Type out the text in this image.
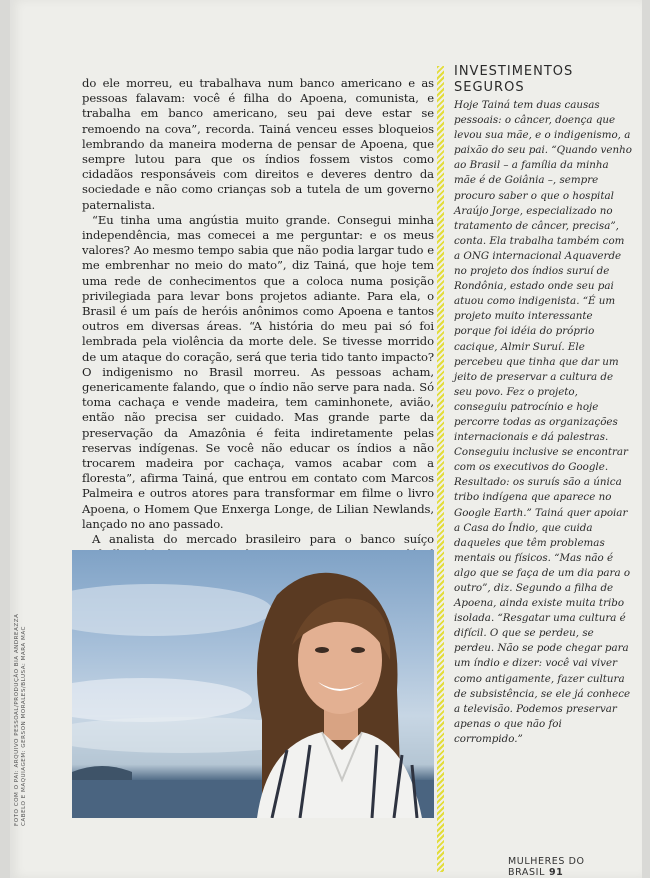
do ele morreu, eu trabalhava num banco americano e as pessoas falavam: você é filha do Apoena, comunista, e trabalha em banco americano, seu pai deve estar se remoendo na cova”, recorda. Tainá venceu esses bloqueios lembrando da maneira moderna de pensar de Apoena, que sempre lutou para que os índios fossem vistos como cidadãos responsáveis com direitos e deveres dentro da sociedade e não como crianças sob a tutela de um governo paternalista.

“Eu tinha uma angústia muito grande. Consegui minha independência, mas comecei a me perguntar: e os meus valores? Ao mesmo tempo sabia que não podia largar tudo e me embrenhar no meio do mato”, diz Tainá, que hoje tem uma rede de conhecimentos que a coloca numa posição privilegiada para levar bons projetos adiante. Para ela, o Brasil é um país de heróis anônimos como Apoena e tantos outros em diversas áreas. “A história do meu pai só foi lembrada pela violência da morte dele. Se tivesse morrido de um ataque do coração, será que teria tido tanto impacto? O indigenismo no Brasil morreu. As pessoas acham, genericamente falando, que o índio não serve para nada. Só toma cachaça e vende madeira, tem caminhonete, avião, então não precisa ser cuidado. Mas grande parte da preservação da Amazônia é feita indiretamente pelas reservas indígenas. Se você não educar os índios a não trocarem madeira por cachaça, vamos acabar com a floresta”, afirma Tainá, que entrou em contato com Marcos Palmeira e outros atores para transformar em filme o livro Apoena, o Homem Que Enxerga Longe, de Lilian Newlands, lançado no ano passado.

A analista do mercado brasileiro para o banco suíço

INVESTIMENTOS
SEGUROS
Hoje Tainá tem duas causas pessoais: o câncer, doença que levou sua mãe, e o indigenismo, a paixão do seu pai. “Quando venho ao Brasil – a família da minha mãe é de Goiânia –, sempre procuro saber o que o hospital Araújo Jorge, especializado no tratamento de câncer, precisa”, conta. Ela trabalha também com a ONG internacional Aquaverde no projeto dos índios suruí de Rondônia, estado onde seu pai atuou como indigenista. “É um projeto muito interessante porque foi idéia do próprio cacique, Almir Suruí. Ele percebeu que tinha que dar um jeito de preservar a cultura de seu povo. Fez o projeto, conseguiu patrocínio e hoje percorre todas as organizações internacionais e dá palestras. Conseguiu inclusive se encontrar com os executivos do Google. Resultado: os suruís são a única tribo indígena que aparece no Google Earth.” Tainá quer apoiar a Casa do Índio, que cuida daqueles que têm problemas mentais ou físicos. “Mas não é algo que se faça de um dia para o outro”, diz. Segundo a filha de Apoena, ainda existe muita tribo isolada. “Resgatar uma cultura é difícil. O que se perdeu, se perdeu. Não se pode chegar para um índio e dizer: você vai viver como antigamente, fazer cultura de subsistência, se ele já conhece a televisão. Podemos preservar apenas o que não foi corrompido.”
FOTO COM O PAI: ARQUIVO PESSOAL/PRODUÇÃO BIA ANDREAZZA CABELO E MAQUIAGEM: GERSON MORALES/BLUSA: MARA MAC
MULHERES DO BRASIL 91
